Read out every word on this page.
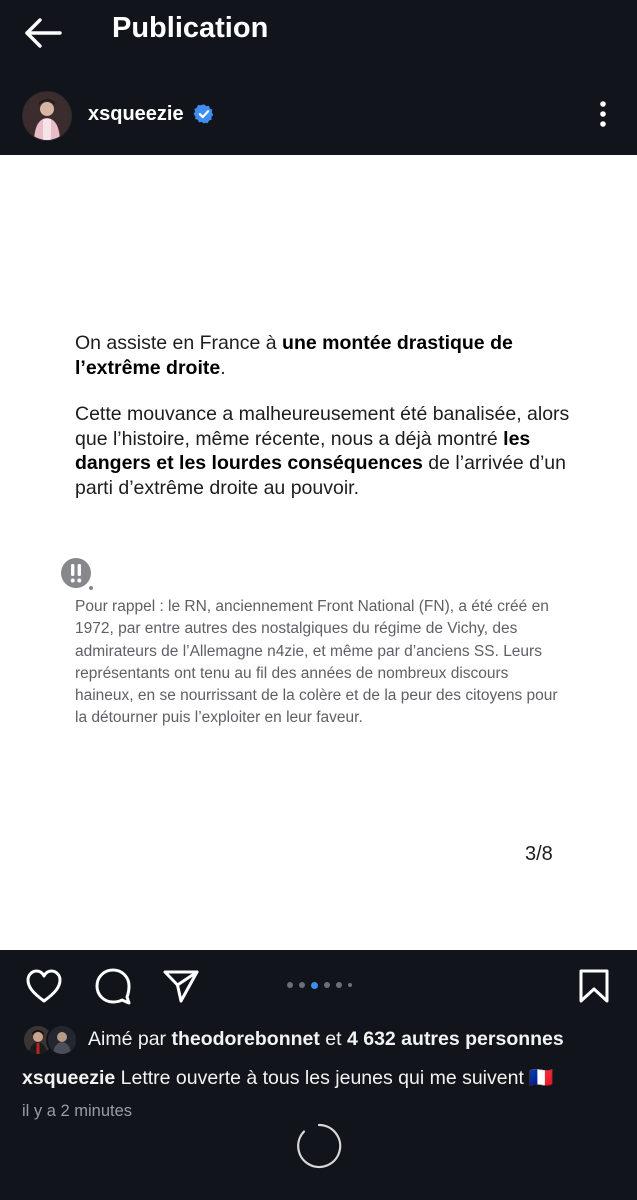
Publication
xsqueezie
On assiste en France à une montée drastique de l’extrême droite.
Cette mouvance a malheureusement été banalisée, alors que l’histoire, même récente, nous a déjà montré les dangers et les lourdes conséquences de l’arrivée d’un parti d’extrême droite au pouvoir.
Pour rappel : le RN, anciennement Front National (FN), a été créé en 1972, par entre autres des nostalgiques du régime de Vichy, des admirateurs de l’Allemagne n4zie, et même par d’anciens SS. Leurs représentants ont tenu au fil des années de nombreux discours haineux, en se nourrissant de la colère et de la peur des citoyens pour la détourner puis l’exploiter en leur faveur.
3/8
Aimé par theodorebonnet et 4 632 autres personnes
xsqueezie Lettre ouverte à tous les jeunes qui me suivent 🇫🇷
il y a 2 minutes
